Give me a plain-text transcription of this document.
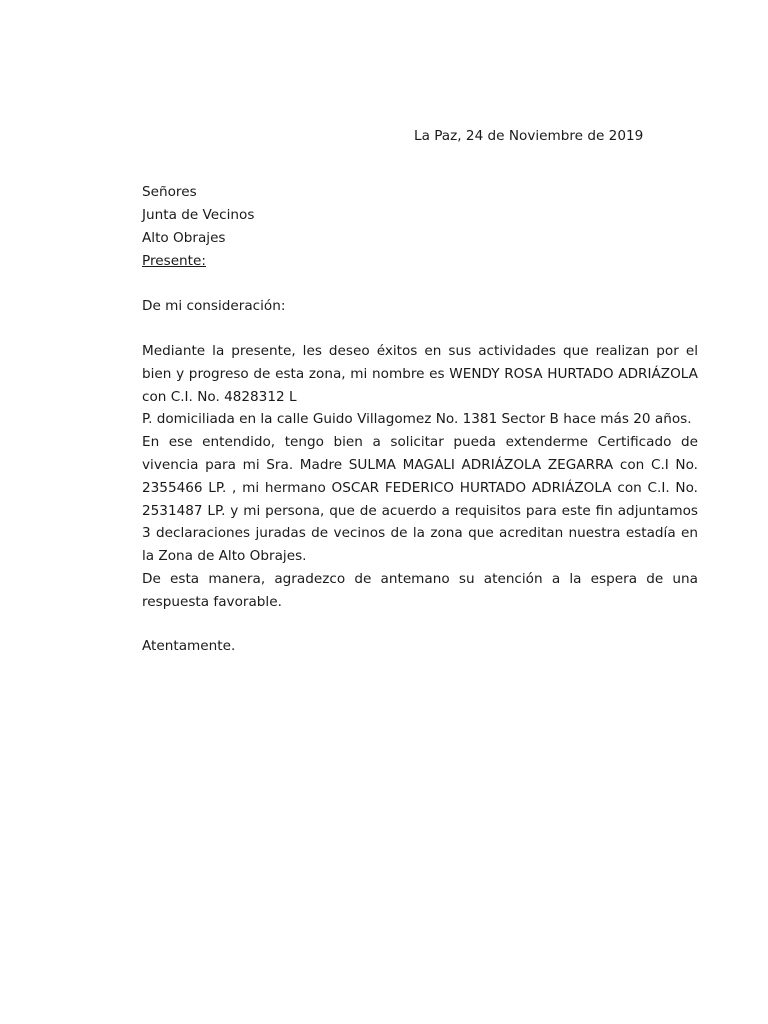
La Paz, 24 de Noviembre de 2019
Señores
Junta de Vecinos
Alto Obrajes
Presente:
De mi consideración:

Mediante la presente, les deseo éxitos en sus actividades que realizan por el bien y progreso de esta zona, mi nombre es WENDY ROSA HURTADO ADRIÁZOLA con C.I. No. 4828312 L

P. domiciliada en la calle Guido Villagomez No. 1381 Sector B hace más 20 años.

En ese entendido, tengo bien a solicitar pueda extenderme Certificado de vivencia para mi Sra. Madre SULMA MAGALI ADRIÁZOLA ZEGARRA con C.I No. 2355466 LP. , mi hermano OSCAR FEDERICO HURTADO ADRIÁZOLA con C.I. No. 2531487 LP. y mi persona, que de acuerdo a requisitos para este fin adjuntamos 3 declaraciones juradas de vecinos de la zona que acreditan nuestra estadía en la Zona de Alto Obrajes.

De esta manera, agradezco de antemano su atención a la espera de una respuesta favorable.

Atentamente.
